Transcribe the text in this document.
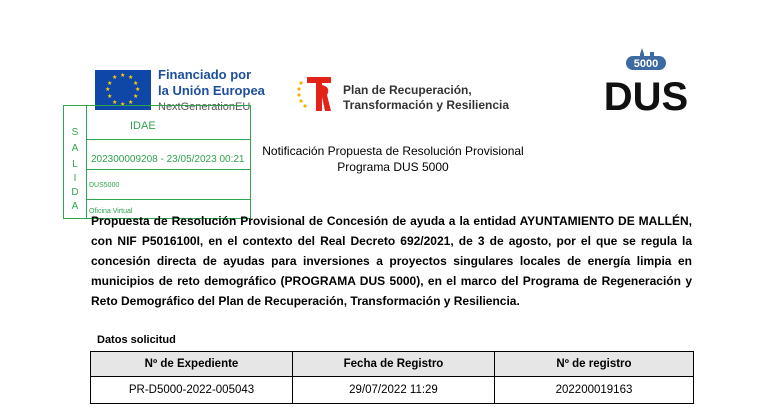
★ ★
★
★
★
★
★
★
★
★
★
★	Financiado por
la Unión Europea
NextGenerationEU
Plan de Recuperación,
Transformación y Resiliencia
5000
DUS
S
A
L
I
D
A
IDAE
202300009208 - 23/05/2023 00:21
DUS5000
Oficina Virtual
Notificación Propuesta de Resolución Provisional
Programa DUS 5000
Propuesta de Resolución Provisional de Concesión de ayuda a la entidad AYUNTAMIENTO DE MALLÉN, con NIF P5016100I, en el contexto del Real Decreto 692/2021, de 3 de agosto, por el que se regula la concesión directa de ayudas para inversiones a proyectos singulares locales de energía limpia en municipios de reto demográfico (PROGRAMA DUS 5000), en el marco del Programa de Regeneración y Reto Demográfico del Plan de Recuperación, Transformación y Resiliencia.
Datos solicitud
Nº de Expediente	Fecha de Registro	Nº de registro
PR-D5000-2022-005043	29/07/2022 11:29	202200019163
